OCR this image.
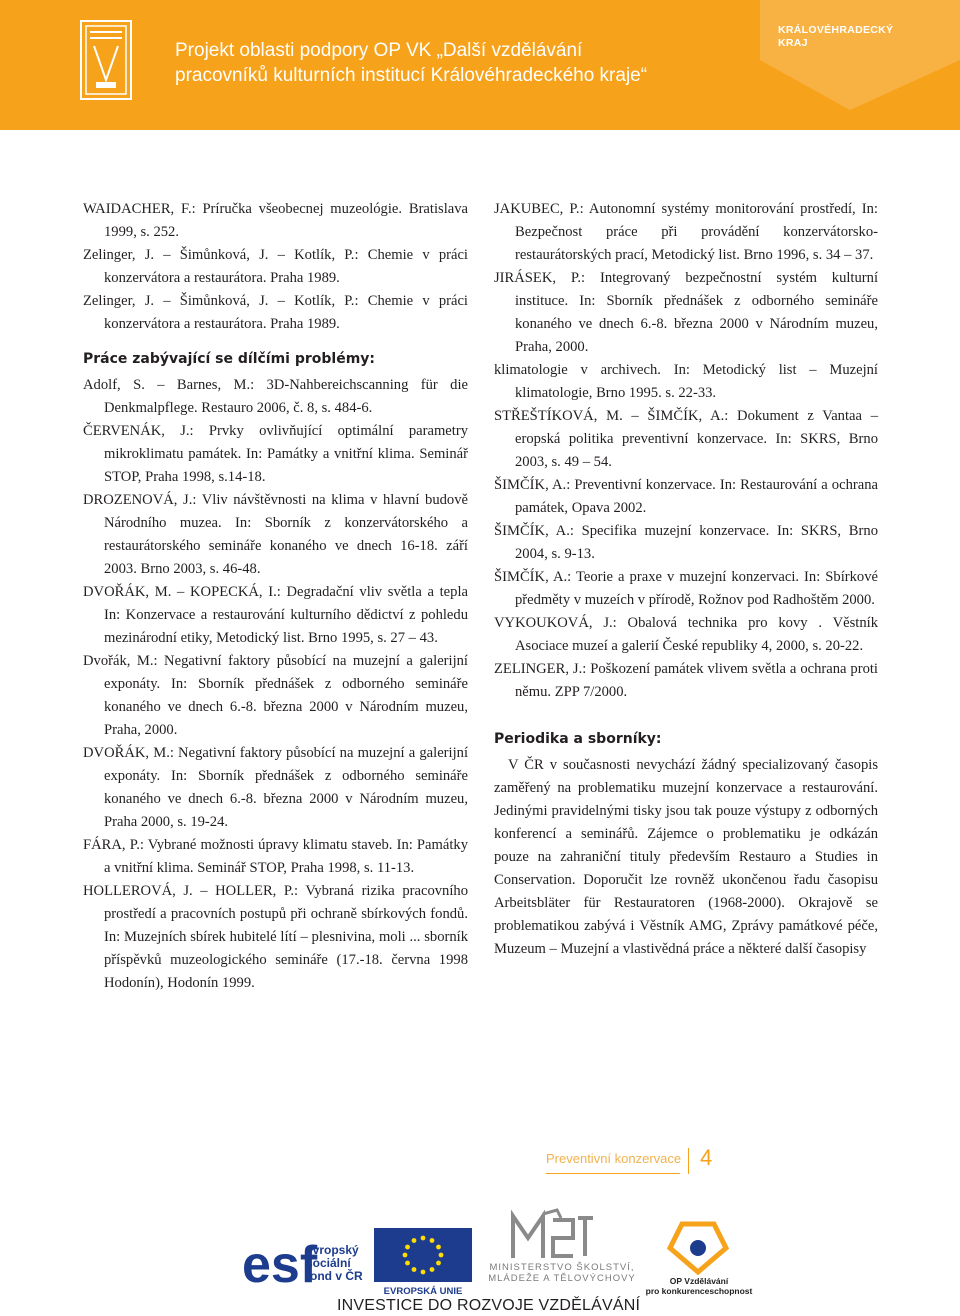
Projekt oblasti podpory OP VK „Další vzdělávání
pracovníků kulturních institucí Královéhradeckého kraje“
KRÁLOVÉHRADECKÝ
KRAJ
WAIDACHER, F.: Príručka všeobecnej muzeológie. Bratislava 1999, s. 252.
Zelinger, J. – Šimůnková, J. – Kotlík, P.: Chemie v práci konzervátora a restaurátora. Praha 1989.
Zelinger, J. – Šimůnková, J. – Kotlík, P.: Chemie v práci konzervátora a restaurátora. Praha 1989.
Práce zabývající se dílčími problémy:
Adolf, S. – Barnes, M.: 3D-Nahbereichscanning für die Denkmalpflege. Restauro 2006, č. 8, s. 484-6.
ČERVENÁK, J.: Prvky ovlivňující optimální parametry mikroklimatu památek. In: Památky a vnitřní klima. Seminář STOP, Praha 1998, s.14-18.
DROZENOVÁ, J.: Vliv návštěvnosti na klima v hlavní budově Národního muzea. In: Sborník z konzervátorského a restaurátorského semináře konaného ve dnech 16-18. září 2003. Brno 2003, s. 46-48.
DVOŘÁK, M. – KOPECKÁ, I.: Degradační vliv světla a tepla In: Konzervace a restaurování kulturního dědictví z pohledu mezinárodní etiky, Metodický list. Brno 1995, s. 27 – 43.
Dvořák, M.: Negativní faktory působící na muzejní a galerijní exponáty. In: Sborník přednášek z odborného semináře konaného ve dnech 6.-8. března 2000 v Národním muzeu, Praha, 2000.
DVOŘÁK, M.: Negativní faktory působící na muzejní a galerijní exponáty. In: Sborník přednášek z odborného semináře konaného ve dnech 6.-8. března 2000 v Národním muzeu, Praha 2000, s. 19-24.
FÁRA, P.: Vybrané možnosti úpravy klimatu staveb. In: Památky a vnitřní klima. Seminář STOP, Praha 1998, s. 11-13.
HOLLEROVÁ, J. – HOLLER, P.: Vybraná rizika pracovního prostředí a pracovních postupů při ochraně sbírkových fondů. In: Muzejních sbírek hubitelé lítí – plesnivina, moli ... sborník příspěvků muzeologického semináře (17.-18. června 1998 Hodonín), Hodonín 1999.
JAKUBEC, P.: Autonomní systémy monitorování prostředí, In: Bezpečnost práce při provádění konzervátorsko-restaurátorských prací, Metodický list. Brno 1996, s. 34 – 37.
JIRÁSEK, P.: Integrovaný bezpečnostní systém kulturní instituce. In: Sborník přednášek z odborného semináře konaného ve dnech 6.-8. března 2000 v Národním muzeu, Praha, 2000.
klimatologie v archivech. In: Metodický list – Muzejní klimatologie, Brno 1995. s. 22-33.
STŘEŠTÍKOVÁ, M. – ŠIMČÍK, A.: Dokument z Vantaa – eropská politika preventivní konzervace. In: SKRS, Brno 2003, s. 49 – 54.
ŠIMČÍK, A.: Preventivní konzervace. In: Restaurování a ochrana památek, Opava 2002.
ŠIMČÍK, A.: Specifika muzejní konzervace. In: SKRS, Brno 2004, s. 9-13.
ŠIMČÍK, A.: Teorie a praxe v muzejní konzervaci. In: Sbírkové předměty v muzeích v přírodě, Rožnov pod Radhoštěm 2000.
VYKOUKOVÁ, J.: Obalová technika pro kovy . Věstník Asociace muzeí a galerií České republiky 4, 2000, s. 20-22.
ZELINGER, J.: Poškození památek vlivem světla a ochrana proti němu. ZPP 7/2000.
Periodika a sborníky:
V ČR v současnosti nevychází žádný specializovaný časopis zaměřený na problematiku muzejní konzervace a restaurování. Jedinými pravidelnými tisky jsou tak pouze výstupy z odborných konferencí a seminářů. Zájemce o problematiku je odkázán pouze na zahraniční tituly především Restauro a Studies in Conservation. Doporučit lze rovněž ukončenou řadu časopisu Arbeitsbläter für Restauratoren (1968-2000). Okrajově se problematikou zabývá i Věstník AMG, Zprávy památkové péče, Muzeum – Muzejní a vlastivědná práce a některé další časopisy
Preventivní konzervace 4
esf
evropský
sociální
fond v ČR
EVROPSKÁ UNIE
MINISTERSTVO ŠKOLSTVÍ,
MLÁDEŽE A TĚLOVÝCHOVY	OP Vzdělávání
pro konkurenceschopnost
INVESTICE DO ROZVOJE VZDĚLÁVÁNÍ
